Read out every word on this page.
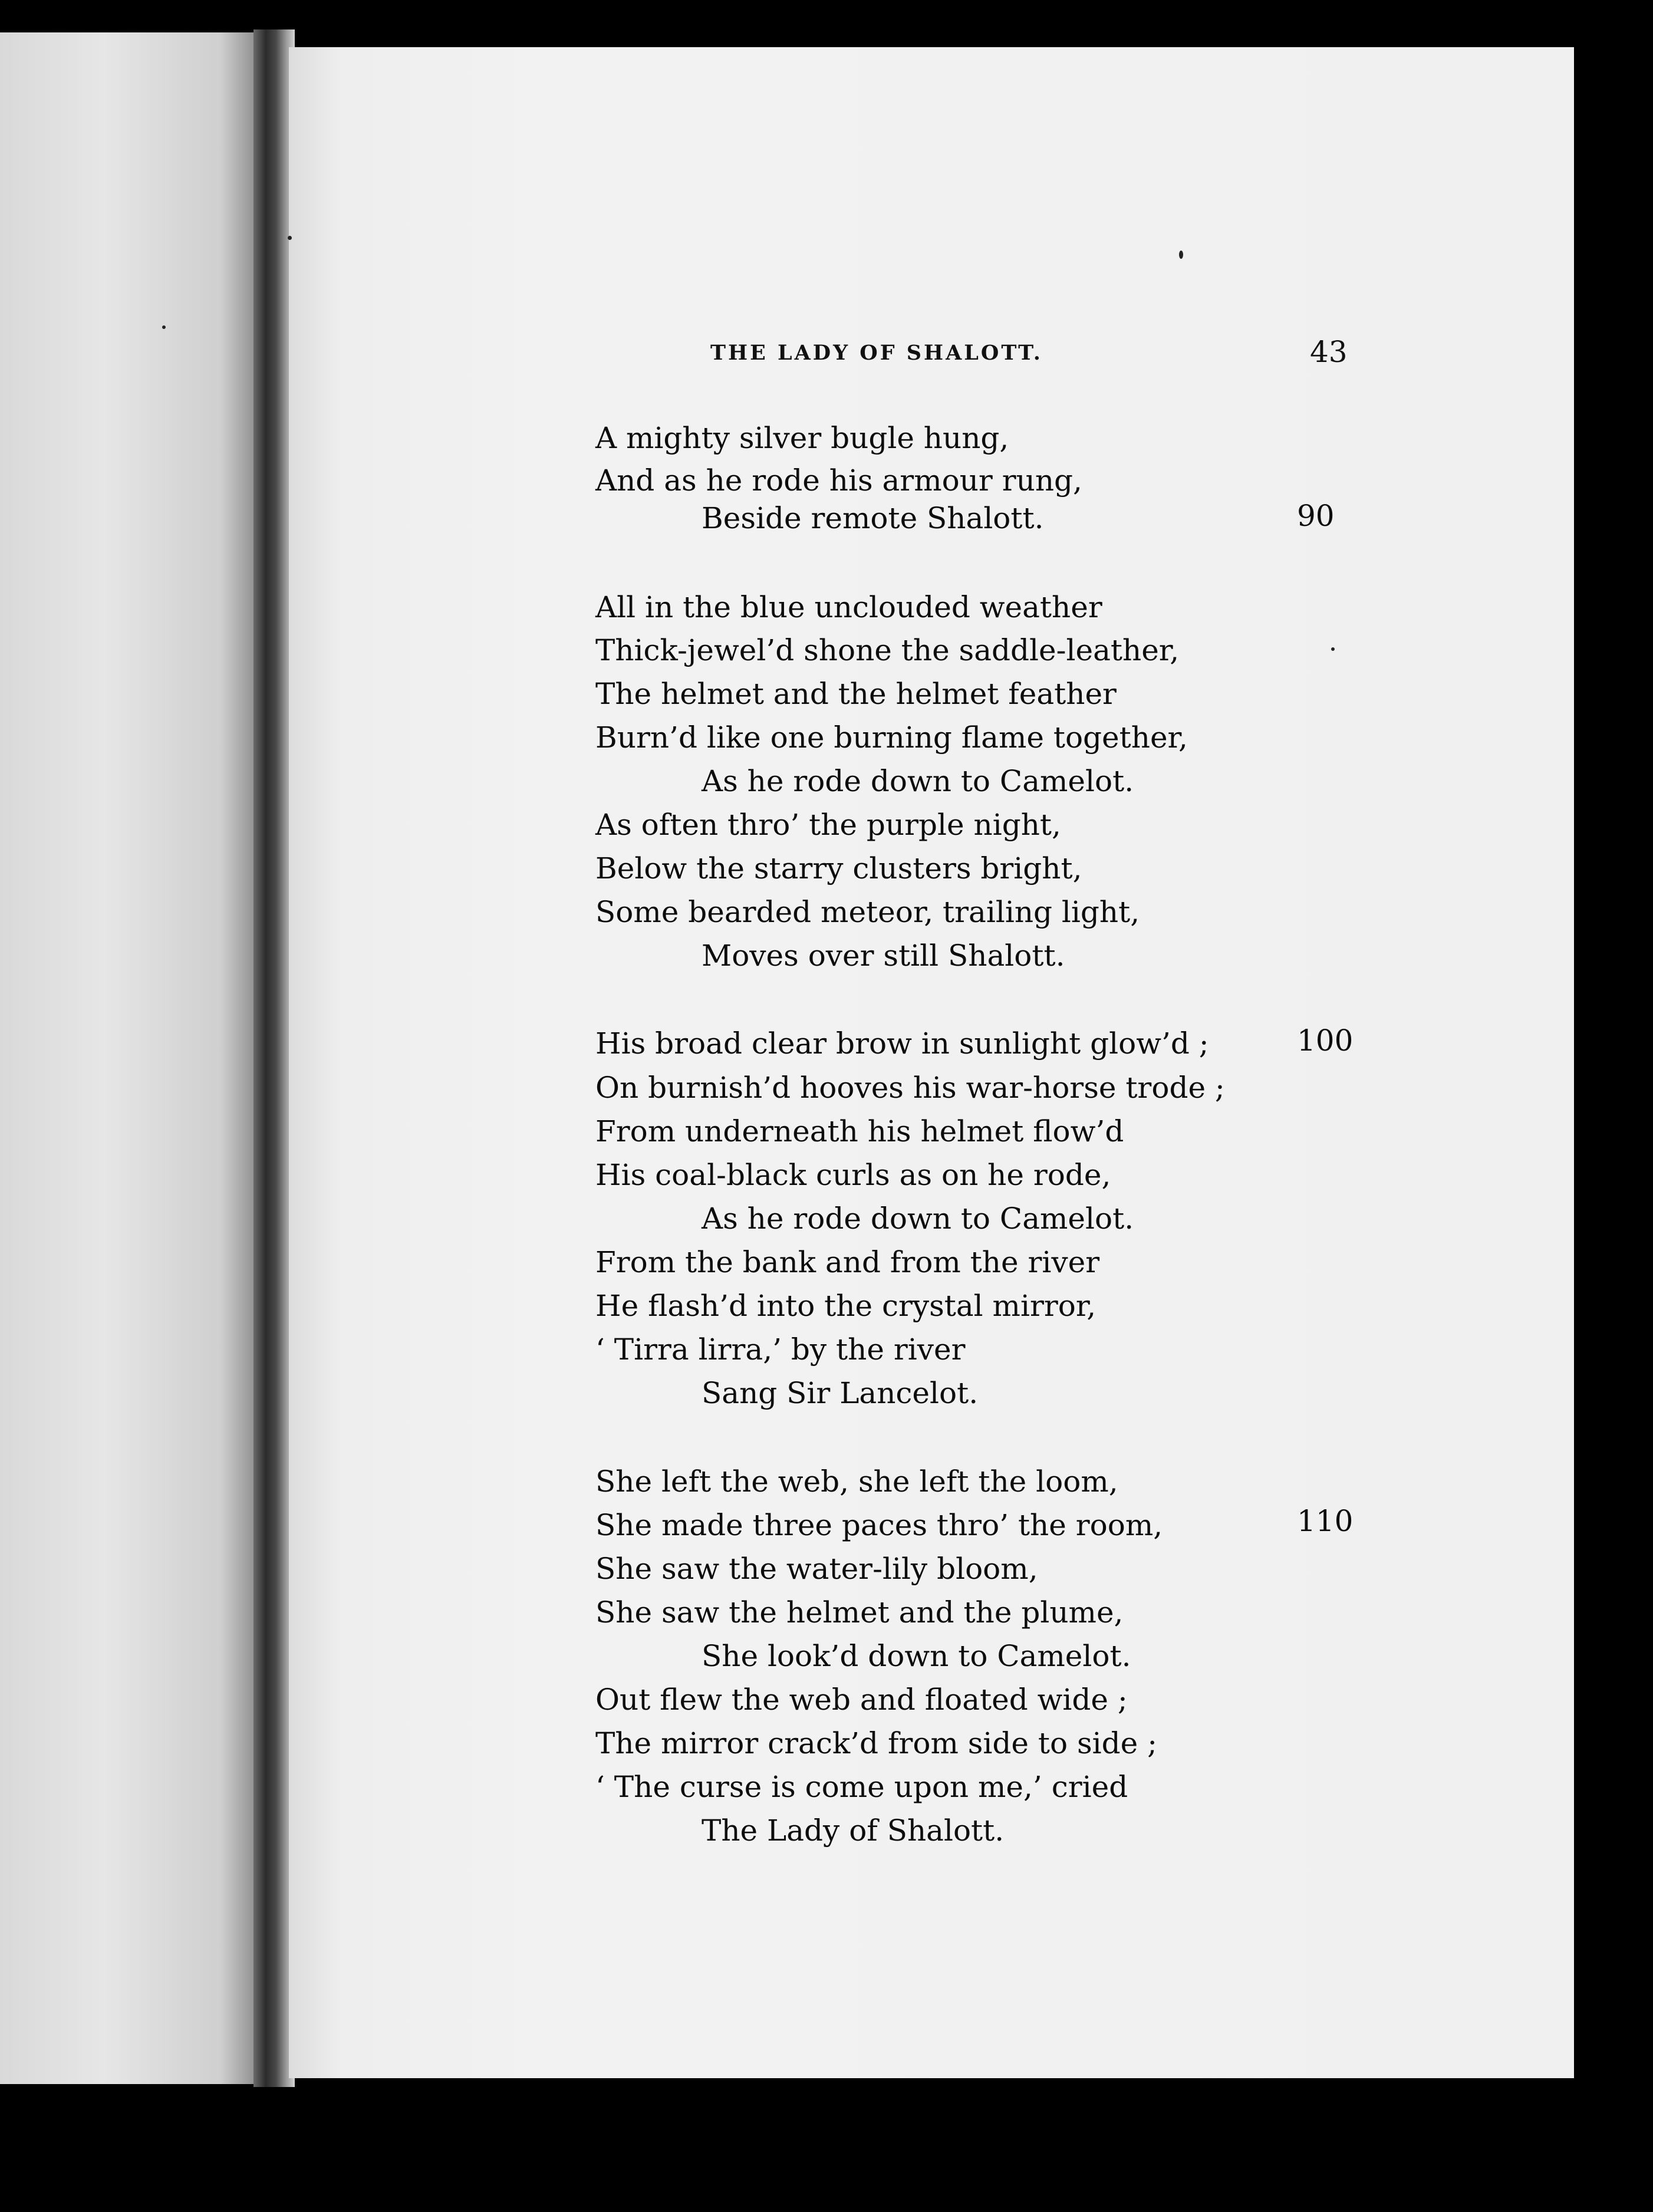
THE LADY OF SHALOTT.	43
A mighty silver bugle hung,
And as he rode his armour rung,
Beside remote Shalott.	90
All in the blue unclouded weather
Thick-jewel’d shone the saddle-leather,
The helmet and the helmet feather
Burn’d like one burning flame together,
As he rode down to Camelot.
As often thro’ the purple night,
Below the starry clusters bright,
Some bearded meteor, trailing light,
Moves over still Shalott.
His broad clear brow in sunlight glow’d ;	100
On burnish’d hooves his war-horse trode ;
From underneath his helmet flow’d
His coal-black curls as on he rode,
As he rode down to Camelot.
From the bank and from the river
He flash’d into the crystal mirror,
‘ Tirra lirra,’ by the river
Sang Sir Lancelot.
She left the web, she left the loom,
She made three paces thro’ the room,	110
She saw the water-lily bloom,
She saw the helmet and the plume,
She look’d down to Camelot.
Out flew the web and floated wide ;
The mirror crack’d from side to side ;
‘ The curse is come upon me,’ cried
The Lady of Shalott.
